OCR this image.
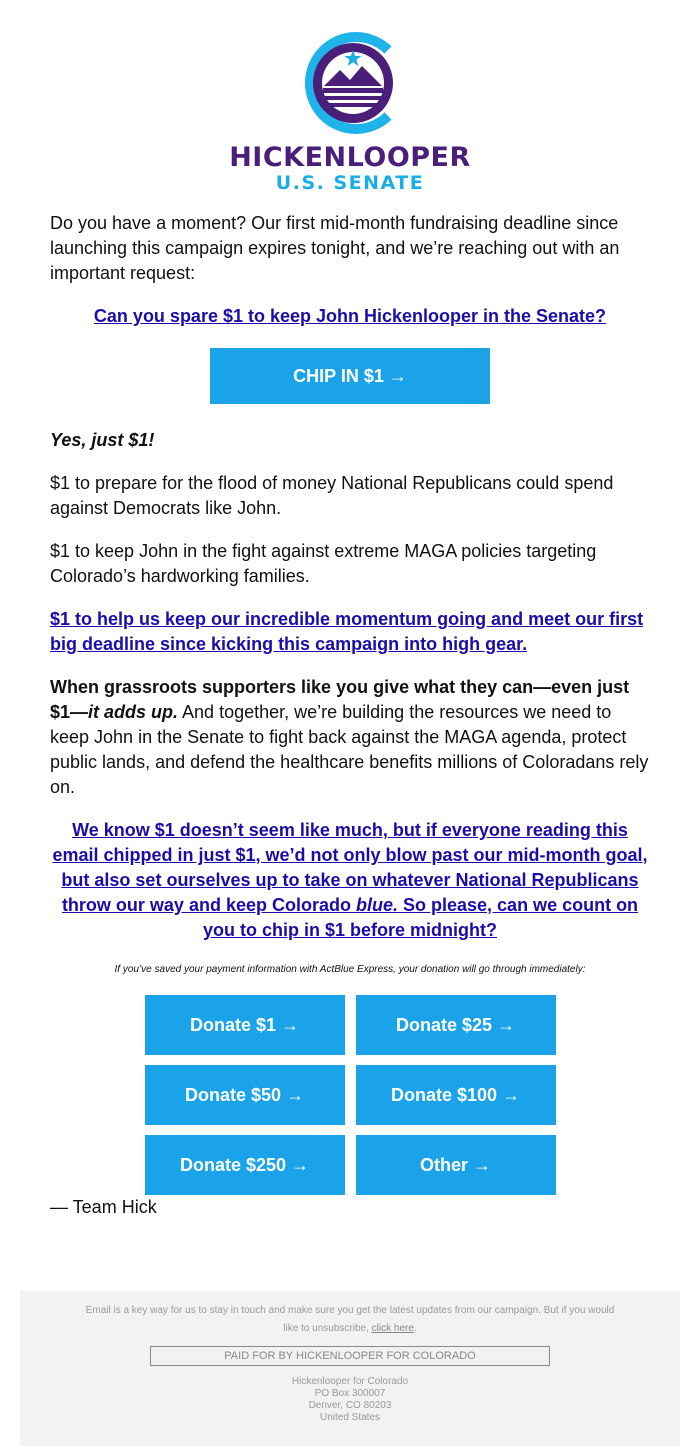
HICKENLOOPER
U.S. SENATE

Do you have a moment? Our first mid-month fundraising deadline since launching this campaign expires tonight, and we’re reaching out with an important request:

Can you spare $1 to keep John Hickenlooper in the Senate?

CHIP IN $1 →

Yes, just $1!

$1 to prepare for the flood of money National Republicans could spend against Democrats like John.

$1 to keep John in the fight against extreme MAGA policies targeting Colorado’s hardworking families.

$1 to help us keep our incredible momentum going and meet our first big deadline since kicking this campaign into high gear.

When grassroots supporters like you give what they can—even just $1—it adds up. And together, we’re building the resources we need to keep John in the Senate to fight back against the MAGA agenda, protect public lands, and defend the healthcare benefits millions of Coloradans rely on.

We know $1 doesn’t seem like much, but if everyone reading this email chipped in just $1, we’d not only blow past our mid-month goal, but also set ourselves up to take on whatever National Republicans throw our way and keep Colorado blue. So please, can we count on you to chip in $1 before midnight?

If you’ve saved your payment information with ActBlue Express, your donation will go through immediately:

Donate $1 →	Donate $25 →
Donate $50 →	Donate $100 →
Donate $250 →	Other →

— Team Hick

Email is a key way for us to stay in touch and make sure you get the latest updates from our campaign. But if you would like to unsubscribe, click here.
PAID FOR BY HICKENLOOPER FOR COLORADO
Hickenlooper for Colorado
PO Box 300007
Denver, CO 80203
United States
